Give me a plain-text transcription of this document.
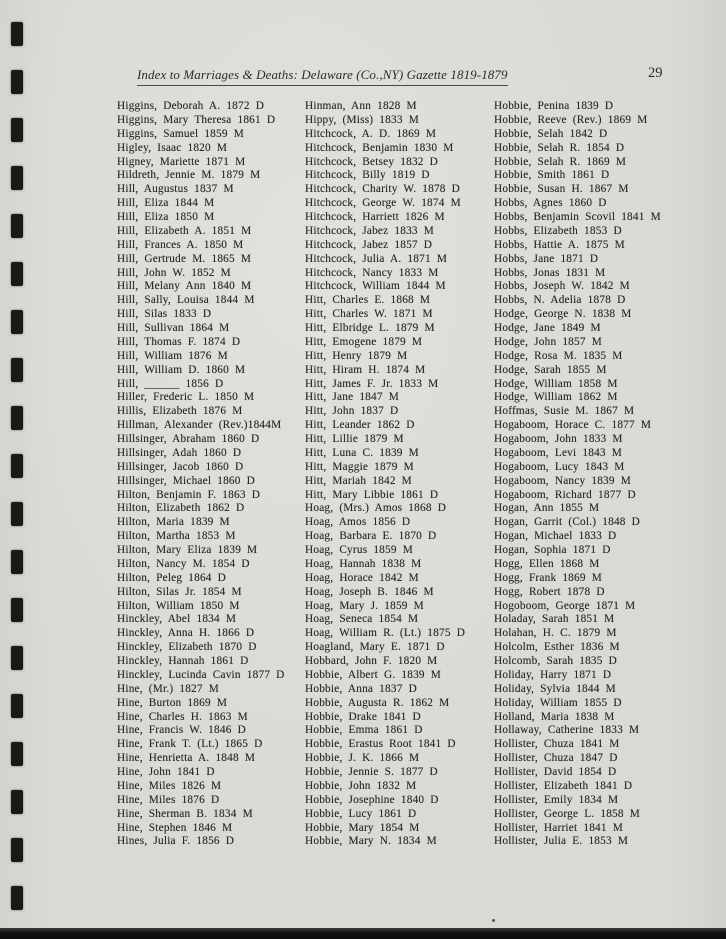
Index to Marriages & Deaths: Delaware (Co.,NY) Gazette 1819-1879	29
Higgins, Deborah A. 1872 D
Higgins, Mary Theresa 1861 D
Higgins, Samuel 1859 M
Higley, Isaac 1820 M
Higney, Mariette 1871 M
Hildreth, Jennie M. 1879 M
Hill, Augustus 1837 M
Hill, Eliza 1844 M
Hill, Eliza 1850 M
Hill, Elizabeth A. 1851 M
Hill, Frances A. 1850 M
Hill, Gertrude M. 1865 M
Hill, John W. 1852 M
Hill, Melany Ann 1840 M
Hill, Sally, Louisa 1844 M
Hill, Silas 1833 D
Hill, Sullivan 1864 M
Hill, Thomas F. 1874 D
Hill, William 1876 M
Hill, William D. 1860 M
Hill, ______ 1856 D
Hiller, Frederic L. 1850 M
Hillis, Elizabeth 1876 M
Hillman, Alexander (Rev.)1844M
Hillsinger, Abraham 1860 D
Hillsinger, Adah 1860 D
Hillsinger, Jacob 1860 D
Hillsinger, Michael 1860 D
Hilton, Benjamin F. 1863 D
Hilton, Elizabeth 1862 D
Hilton, Maria 1839 M
Hilton, Martha 1853 M
Hilton, Mary Eliza 1839 M
Hilton, Nancy M. 1854 D
Hilton, Peleg 1864 D
Hilton, Silas Jr. 1854 M
Hilton, William 1850 M
Hinckley, Abel 1834 M
Hinckley, Anna H. 1866 D
Hinckley, Elizabeth 1870 D
Hinckley, Hannah 1861 D
Hinckley, Lucinda Cavin 1877 D
Hine, (Mr.) 1827 M
Hine, Burton 1869 M
Hine, Charles H. 1863 M
Hine, Francis W. 1846 D
Hine, Frank T. (Lt.) 1865 D
Hine, Henrietta A. 1848 M
Hine, John 1841 D
Hine, Miles 1826 M
Hine, Miles 1876 D
Hine, Sherman B. 1834 M
Hine, Stephen 1846 M
Hines, Julia F. 1856 D
Hinman, Ann 1828 M
Hippy, (Miss) 1833 M
Hitchcock, A. D. 1869 M
Hitchcock, Benjamin 1830 M
Hitchcock, Betsey 1832 D
Hitchcock, Billy 1819 D
Hitchcock, Charity W. 1878 D
Hitchcock, George W. 1874 M
Hitchcock, Harriett 1826 M
Hitchcock, Jabez 1833 M
Hitchcock, Jabez 1857 D
Hitchcock, Julia A. 1871 M
Hitchcock, Nancy 1833 M
Hitchcock, William 1844 M
Hitt, Charles E. 1868 M
Hitt, Charles W. 1871 M
Hitt, Elbridge L. 1879 M
Hitt, Emogene 1879 M
Hitt, Henry 1879 M
Hitt, Hiram H. 1874 M
Hitt, James F. Jr. 1833 M
Hitt, Jane 1847 M
Hitt, John 1837 D
Hitt, Leander 1862 D
Hitt, Lillie 1879 M
Hitt, Luna C. 1839 M
Hitt, Maggie 1879 M
Hitt, Mariah 1842 M
Hitt, Mary Libbie 1861 D
Hoag, (Mrs.) Amos 1868 D
Hoag, Amos 1856 D
Hoag, Barbara E. 1870 D
Hoag, Cyrus 1859 M
Hoag, Hannah 1838 M
Hoag, Horace 1842 M
Hoag, Joseph B. 1846 M
Hoag, Mary J. 1859 M
Hoag, Seneca 1854 M
Hoag, William R. (Lt.) 1875 D
Hoagland, Mary E. 1871 D
Hobbard, John F. 1820 M
Hobbie, Albert G. 1839 M
Hobbie, Anna 1837 D
Hobbie, Augusta R. 1862 M
Hobbie, Drake 1841 D
Hobbie, Emma 1861 D
Hobbie, Erastus Root 1841 D
Hobbie, J. K. 1866 M
Hobbie, Jennie S. 1877 D
Hobbie, John 1832 M
Hobbie, Josephine 1840 D
Hobbie, Lucy 1861 D
Hobbie, Mary 1854 M
Hobbie, Mary N. 1834 M
Hobbie, Penina 1839 D
Hobbie, Reeve (Rev.) 1869 M
Hobbie, Selah 1842 D
Hobbie, Selah R. 1854 D
Hobbie, Selah R. 1869 M
Hobbie, Smith 1861 D
Hobbie, Susan H. 1867 M
Hobbs, Agnes 1860 D
Hobbs, Benjamin Scovil 1841 M
Hobbs, Elizabeth 1853 D
Hobbs, Hattie A. 1875 M
Hobbs, Jane 1871 D
Hobbs, Jonas 1831 M
Hobbs, Joseph W. 1842 M
Hobbs, N. Adelia 1878 D
Hodge, George N. 1838 M
Hodge, Jane 1849 M
Hodge, John 1857 M
Hodge, Rosa M. 1835 M
Hodge, Sarah 1855 M
Hodge, William 1858 M
Hodge, William 1862 M
Hoffmas, Susie M. 1867 M
Hogaboom, Horace C. 1877 M
Hogaboom, John 1833 M
Hogaboom, Levi 1843 M
Hogaboom, Lucy 1843 M
Hogaboom, Nancy 1839 M
Hogaboom, Richard 1877 D
Hogan, Ann 1855 M
Hogan, Garrit (Col.) 1848 D
Hogan, Michael 1833 D
Hogan, Sophia 1871 D
Hogg, Ellen 1868 M
Hogg, Frank 1869 M
Hogg, Robert 1878 D
Hogoboom, George 1871 M
Holaday, Sarah 1851 M
Holahan, H. C. 1879 M
Holcolm, Esther 1836 M
Holcomb, Sarah 1835 D
Holiday, Harry 1871 D
Holiday, Sylvia 1844 M
Holiday, William 1855 D
Holland, Maria 1838 M
Hollaway, Catherine 1833 M
Hollister, Chuza 1841 M
Hollister, Chuza 1847 D
Hollister, David 1854 D
Hollister, Elizabeth 1841 D
Hollister, Emily 1834 M
Hollister, George L. 1858 M
Hollister, Harriet 1841 M
Hollister, Julia E. 1853 M
